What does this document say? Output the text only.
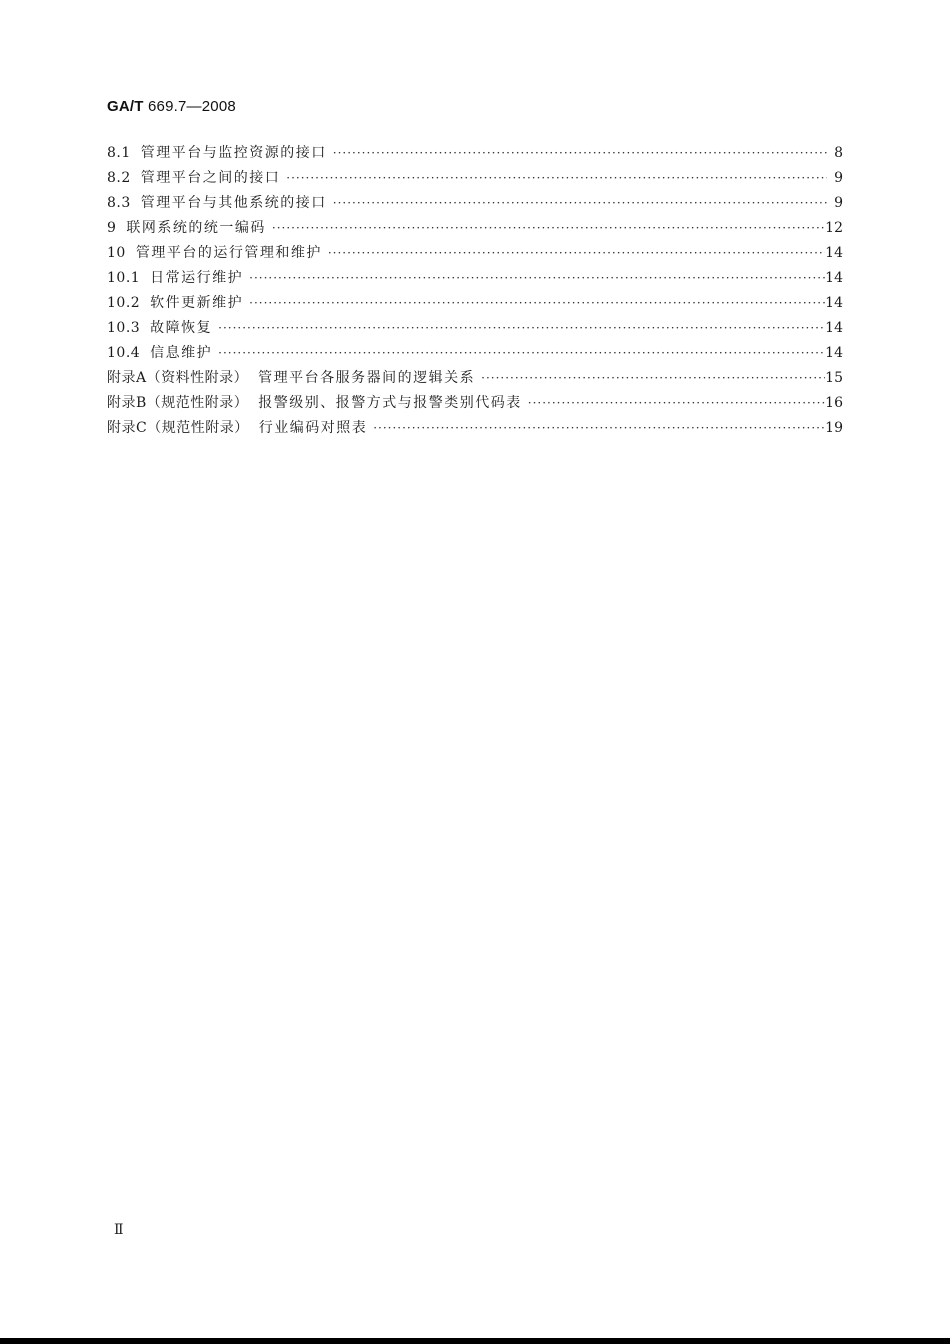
GA/T 669.7—2008
8.1 管理平台与监控资源的接口 ·····	8
8.2 管理平台之间的接口 ·····	9
8.3 管理平台与其他系统的接口 ·····	9
9 联网系统的统一编码 ·····	12
10 管理平台的运行管理和维护 ·····	14
10.1 日常运行维护 ·····	14
10.2 软件更新维护 ·····	14
10.3 故障恢复 ·····	14
10.4 信息维护 ·····	14
附录A（资料性附录） 管理平台各服务器间的逻辑关系 ·····	15
附录B（规范性附录） 报警级别、报警方式与报警类别代码表 ·····	16
附录C（规范性附录） 行业编码对照表 ·····	19
Ⅱ
